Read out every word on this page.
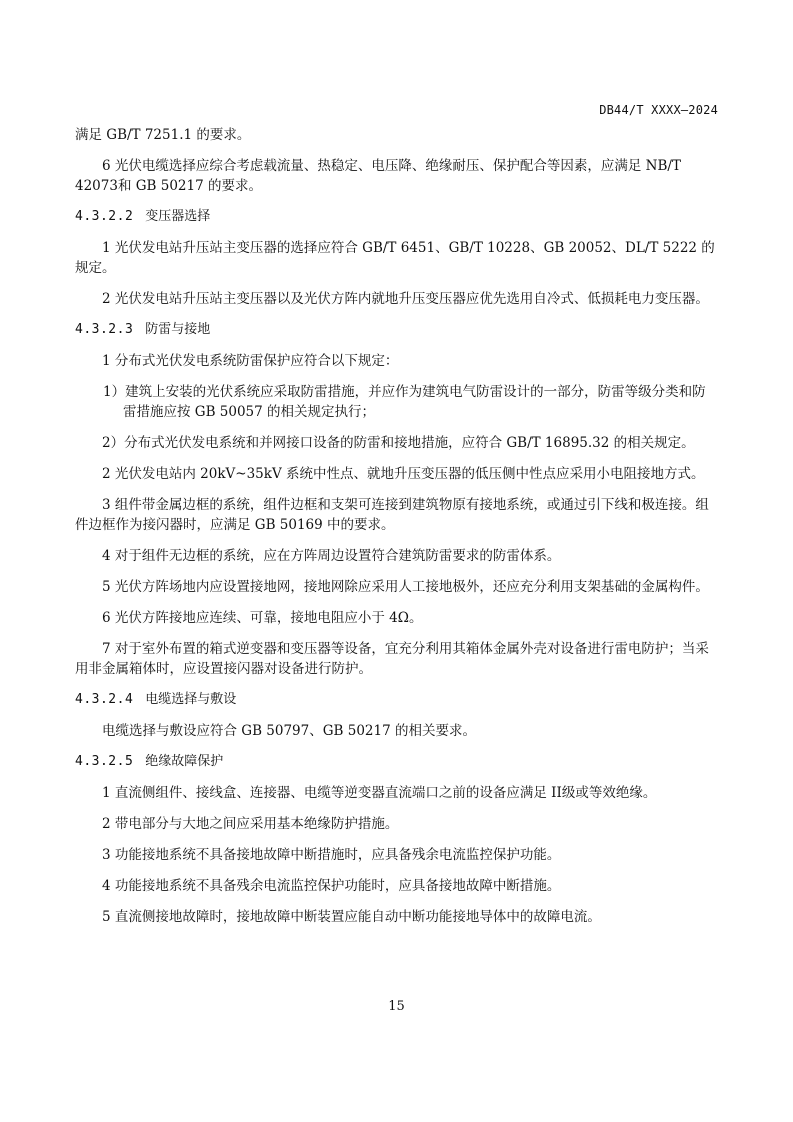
DB44/T XXXX—2024

满足 GB/T 7251.1 的要求。

6 光伏电缆选择应综合考虑载流量、热稳定、电压降、绝缘耐压、保护配合等因素，应满足 NB/T 42073和 GB 50217 的要求。

4.3.2.2 变压器选择

1 光伏发电站升压站主变压器的选择应符合 GB/T 6451、GB/T 10228、GB 20052、DL/T 5222 的规定。

2 光伏发电站升压站主变压器以及光伏方阵内就地升压变压器应优先选用自冷式、低损耗电力变压器。

4.3.2.3 防雷与接地

1 分布式光伏发电系统防雷保护应符合以下规定：

1）建筑上安装的光伏系统应采取防雷措施，并应作为建筑电气防雷设计的一部分，防雷等级分类和防雷措施应按 GB 50057 的相关规定执行；

2）分布式光伏发电系统和并网接口设备的防雷和接地措施，应符合 GB/T 16895.32 的相关规定。

2 光伏发电站内 20kV~35kV 系统中性点、就地升压变压器的低压侧中性点应采用小电阻接地方式。

3 组件带金属边框的系统，组件边框和支架可连接到建筑物原有接地系统，或通过引下线和极连接。组件边框作为接闪器时，应满足 GB 50169 中的要求。

4 对于组件无边框的系统，应在方阵周边设置符合建筑防雷要求的防雷体系。

5 光伏方阵场地内应设置接地网，接地网除应采用人工接地极外，还应充分利用支架基础的金属构件。

6 光伏方阵接地应连续、可靠，接地电阻应小于 4Ω。

7 对于室外布置的箱式逆变器和变压器等设备，宜充分利用其箱体金属外壳对设备进行雷电防护；当采用非金属箱体时，应设置接闪器对设备进行防护。

4.3.2.4 电缆选择与敷设

电缆选择与敷设应符合 GB 50797、GB 50217 的相关要求。

4.3.2.5 绝缘故障保护

1 直流侧组件、接线盒、连接器、电缆等逆变器直流端口之前的设备应满足 II级或等效绝缘。

2 带电部分与大地之间应采用基本绝缘防护措施。

3 功能接地系统不具备接地故障中断措施时，应具备残余电流监控保护功能。

4 功能接地系统不具备残余电流监控保护功能时，应具备接地故障中断措施。

5 直流侧接地故障时，接地故障中断装置应能自动中断功能接地导体中的故障电流。

15
